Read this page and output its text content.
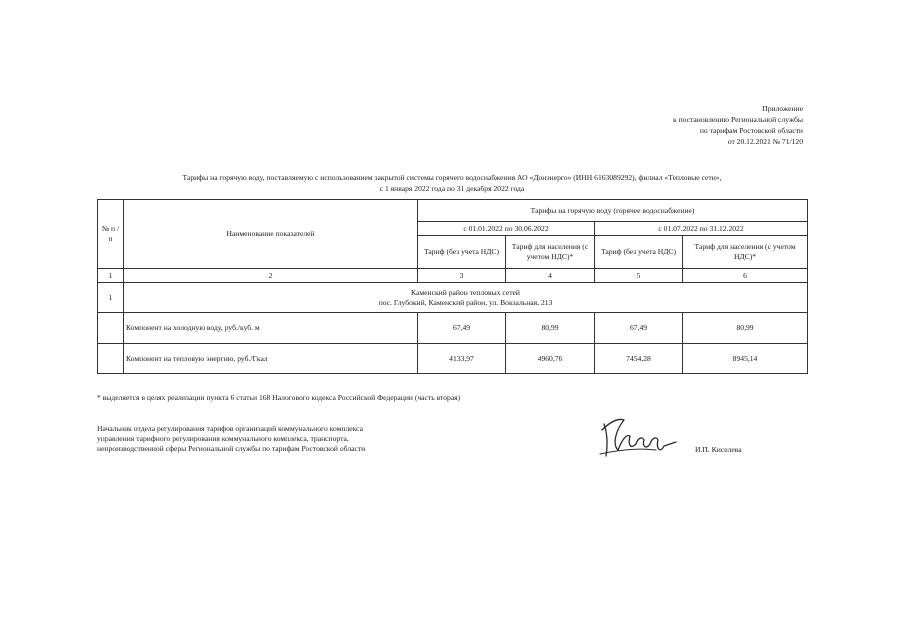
Приложение
к постановлению Региональной службы
по тарифам Ростовской области
от 20.12.2021 № 71/120
Тарифы на горячую воду, поставляемую с использованием закрытой системы горячего водоснабжения АО «Донэнерго» (ИНН 6163089292), филиал «Тепловые сети»,
с 1 января 2022 года по 31 декабря 2022 года
№ п /п	Наименование показателей	Тарифы на горячую воду (горячее водоснабжение)			
		с 01.01.2022 по 30.06.2022		с 01.07.2022 по 31.12.2022	
		Тариф (без учета НДС)	Тариф для населения (с учетом НДС)*	Тариф (без учета НДС)	Тариф для населения (с учетом НДС)*
1	2	3	4	5	6
1	Каменский район тепловых сетей
пос. Глубокий, Каменский район, ул. Вокзальная, 213				

	Компонент на холодную воду, руб./куб. м	67,49	80,99	67,49	80,99
	Компонент на тепловую энергию, руб./Гкал	4133,97	4960,76	7454,28	8945,14
* выделяется в целях реализации пункта 6 статьи 168 Налогового кодекса Российской Федерации (часть вторая)
Начальник отдела регулирования тарифов организаций коммунального комплекса
управления тарифного регулирования коммунального комплекса, транспорта,
непроизводственной сферы Региональной службы по тарифам Ростовской области	И.П. Киселева
